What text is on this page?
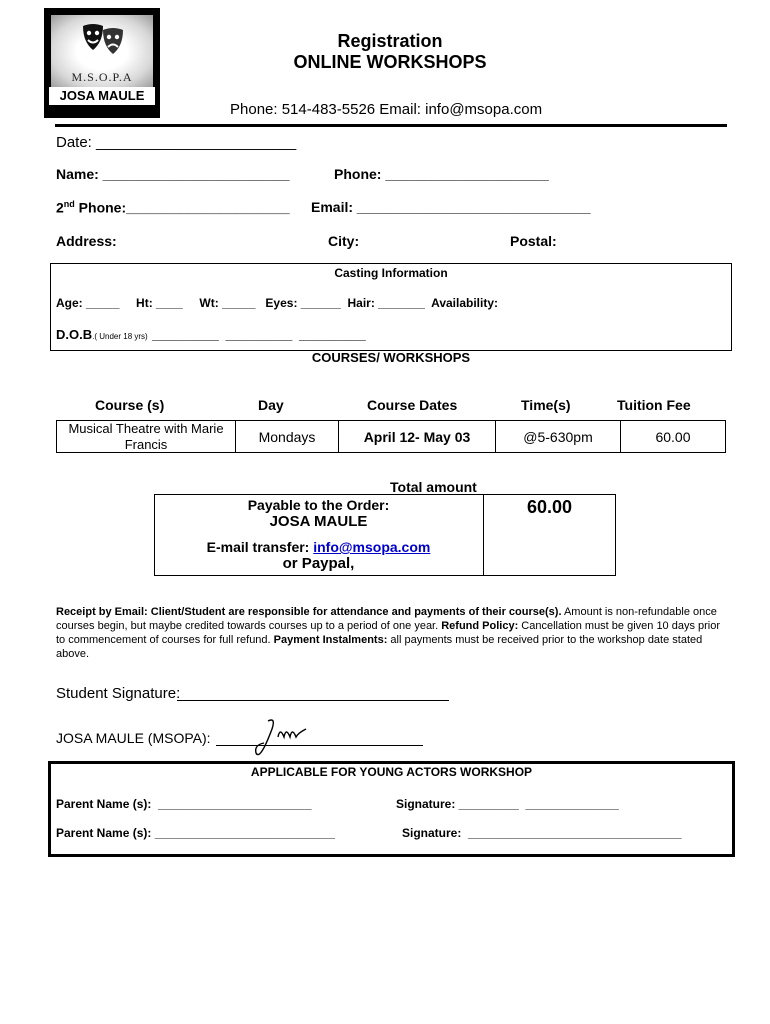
M.S.O.P.A
JOSA MAULE
Registration
ONLINE WORKSHOPS
Phone: 514-483-5526 Email: info@msopa.com
Date: ________________________
Name: ________________________	Phone: _____________________
2nd Phone:_____________________ Email: ______________________________
Address:	City:	Postal:
Casting Information
Age: _____     Ht: ____     Wt: _____   Eyes: ______  Hair: _______  Availability:
D.O.B.( Under 18 yrs)  _______________   _______________   _______________
COURSES/ WORKSHOPS
Course (s)	Day	Course Dates	Time(s)	Tuition Fee
Musical Theatre with Marie Francis	Mondays	April 12- May 03	@5-630pm	60.00
Total amount
Payable to the Order:
JOSA MAULE
E-mail transfer: info@msopa.com
or Paypal,
60.00
Receipt by Email: Client/Student are responsible for attendance and payments of their course(s). Amount is non-refundable once courses begin, but maybe credited towards courses up to a period of one year. Refund Policy: Cancellation must be given 10 days prior to commencement of courses for full refund. Payment Instalments: all payments must be received prior to the workshop date stated above.
Student Signature:
JOSA MAULE (MSOPA):
APPLICABLE FOR YOUNG ACTORS WORKSHOP
Parent Name (s):  _______________________	Signature: _________  ______________
Parent Name (s): ___________________________	Signature:  ________________________________
